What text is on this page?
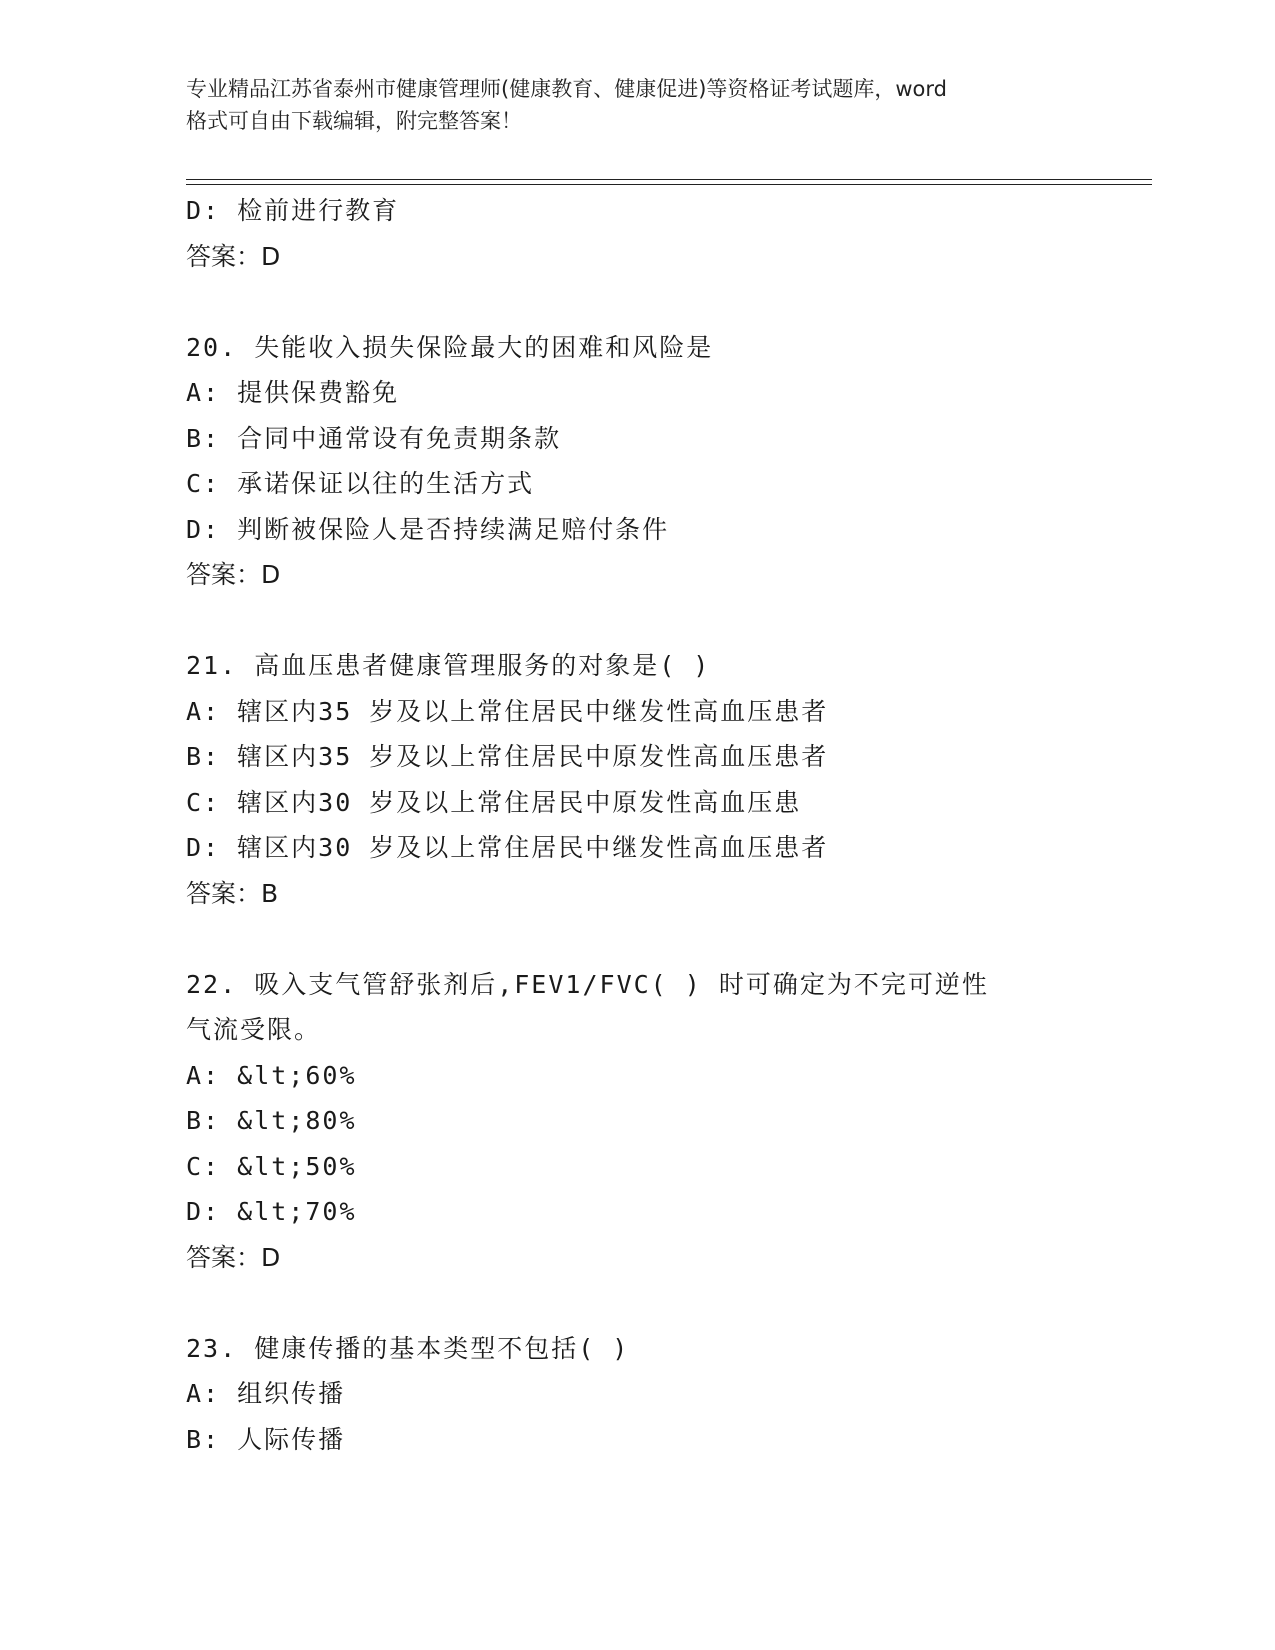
专业精品江苏省泰州市健康管理师(健康教育、健康促进)等资格证考试题库，word
格式可自由下载编辑，附完整答案！
D: 检前进行教育
答案：D
20. 失能收入损失保险最大的困难和风险是
A: 提供保费豁免
B: 合同中通常设有免责期条款
C: 承诺保证以往的生活方式
D: 判断被保险人是否持续满足赔付条件
答案：D
21. 高血压患者健康管理服务的对象是( )
A: 辖区内35 岁及以上常住居民中继发性高血压患者
B: 辖区内35 岁及以上常住居民中原发性高血压患者
C: 辖区内30 岁及以上常住居民中原发性高血压患
D: 辖区内30 岁及以上常住居民中继发性高血压患者
答案：B
22. 吸入支气管舒张剂后,FEV1/FVC( ) 时可确定为不完可逆性
气流受限。
A: &lt;60%
B: &lt;80%
C: &lt;50%
D: &lt;70%
答案：D
23. 健康传播的基本类型不包括( )
A: 组织传播
B: 人际传播
